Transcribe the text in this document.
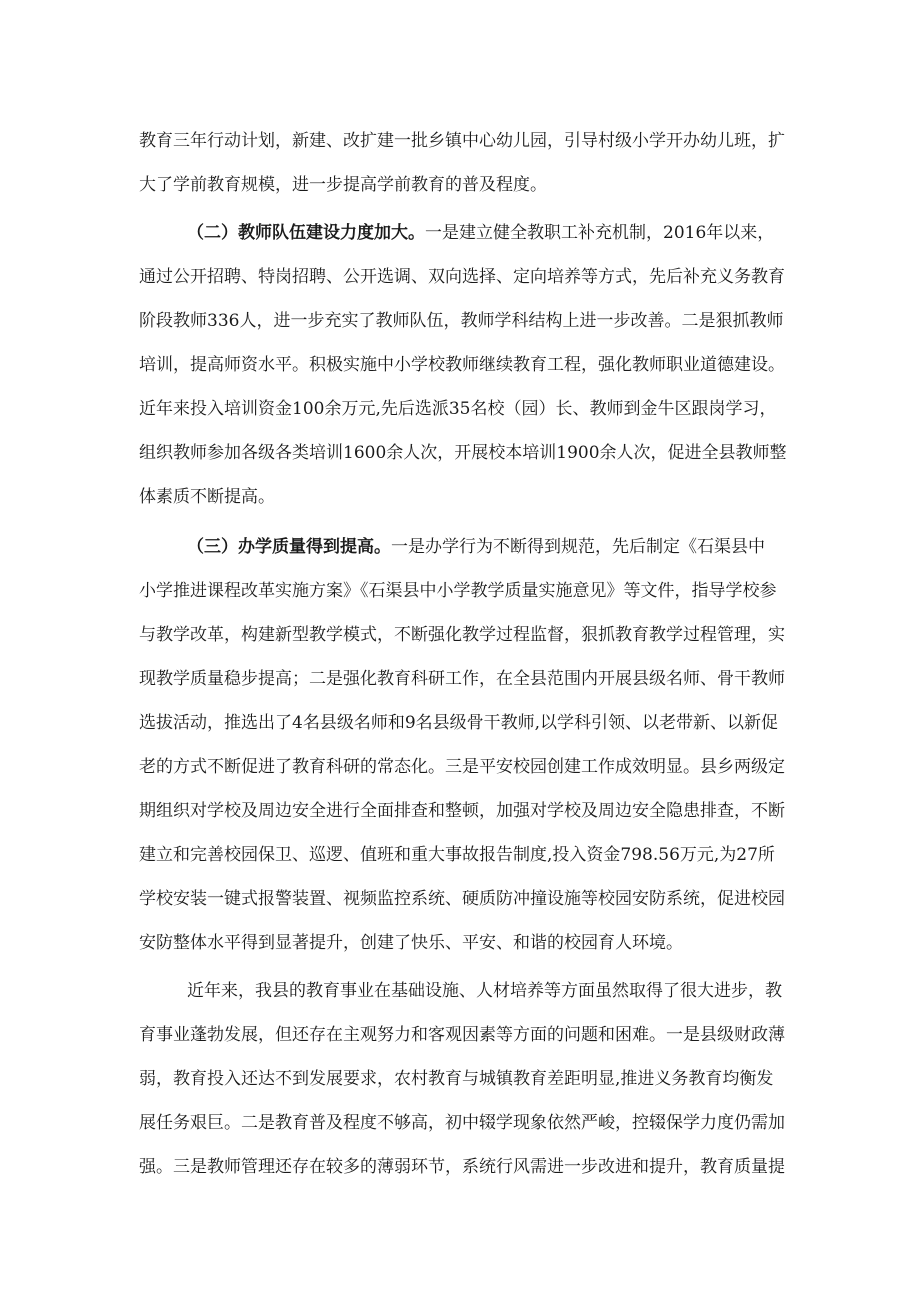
教育三年行动计划，新建、改扩建一批乡镇中心幼儿园，引导村级小学开办幼儿班，扩
大了学前教育规模，进一步提高学前教育的普及程度。
（二）教师队伍建设力度加大。一是建立健全教职工补充机制，2016年以来，
通过公开招聘、特岗招聘、公开选调、双向选择、定向培养等方式，先后补充义务教育
阶段教师336人，进一步充实了教师队伍，教师学科结构上进一步改善。二是狠抓教师
培训，提高师资水平。积极实施中小学校教师继续教育工程，强化教师职业道德建设。
近年来投入培训资金100余万元,先后选派35名校（园）长、教师到金牛区跟岗学习，
组织教师参加各级各类培训1600余人次，开展校本培训1900余人次，促进全县教师整
体素质不断提高。
（三）办学质量得到提高。一是办学行为不断得到规范，先后制定《石渠县中
小学推进课程改革实施方案》《石渠县中小学教学质量实施意见》等文件，指导学校参
与教学改革，构建新型教学模式，不断强化教学过程监督，狠抓教育教学过程管理，实
现教学质量稳步提高；二是强化教育科研工作，在全县范围内开展县级名师、骨干教师
选拔活动，推选出了4名县级名师和9名县级骨干教师,以学科引领、以老带新、以新促
老的方式不断促进了教育科研的常态化。三是平安校园创建工作成效明显。县乡两级定
期组织对学校及周边安全进行全面排查和整顿，加强对学校及周边安全隐患排查，不断
建立和完善校园保卫、巡逻、值班和重大事故报告制度,投入资金798.56万元,为27所
学校安装一键式报警装置、视频监控系统、硬质防冲撞设施等校园安防系统，促进校园
安防整体水平得到显著提升，创建了快乐、平安、和谐的校园育人环境。
近年来，我县的教育事业在基础设施、人材培养等方面虽然取得了很大进步，教
育事业蓬勃发展，但还存在主观努力和客观因素等方面的问题和困难。一是县级财政薄
弱，教育投入还达不到发展要求，农村教育与城镇教育差距明显,推进义务教育均衡发
展任务艰巨。二是教育普及程度不够高，初中辍学现象依然严峻，控辍保学力度仍需加
强。三是教师管理还存在较多的薄弱环节，系统行风需进一步改进和提升，教育质量提
